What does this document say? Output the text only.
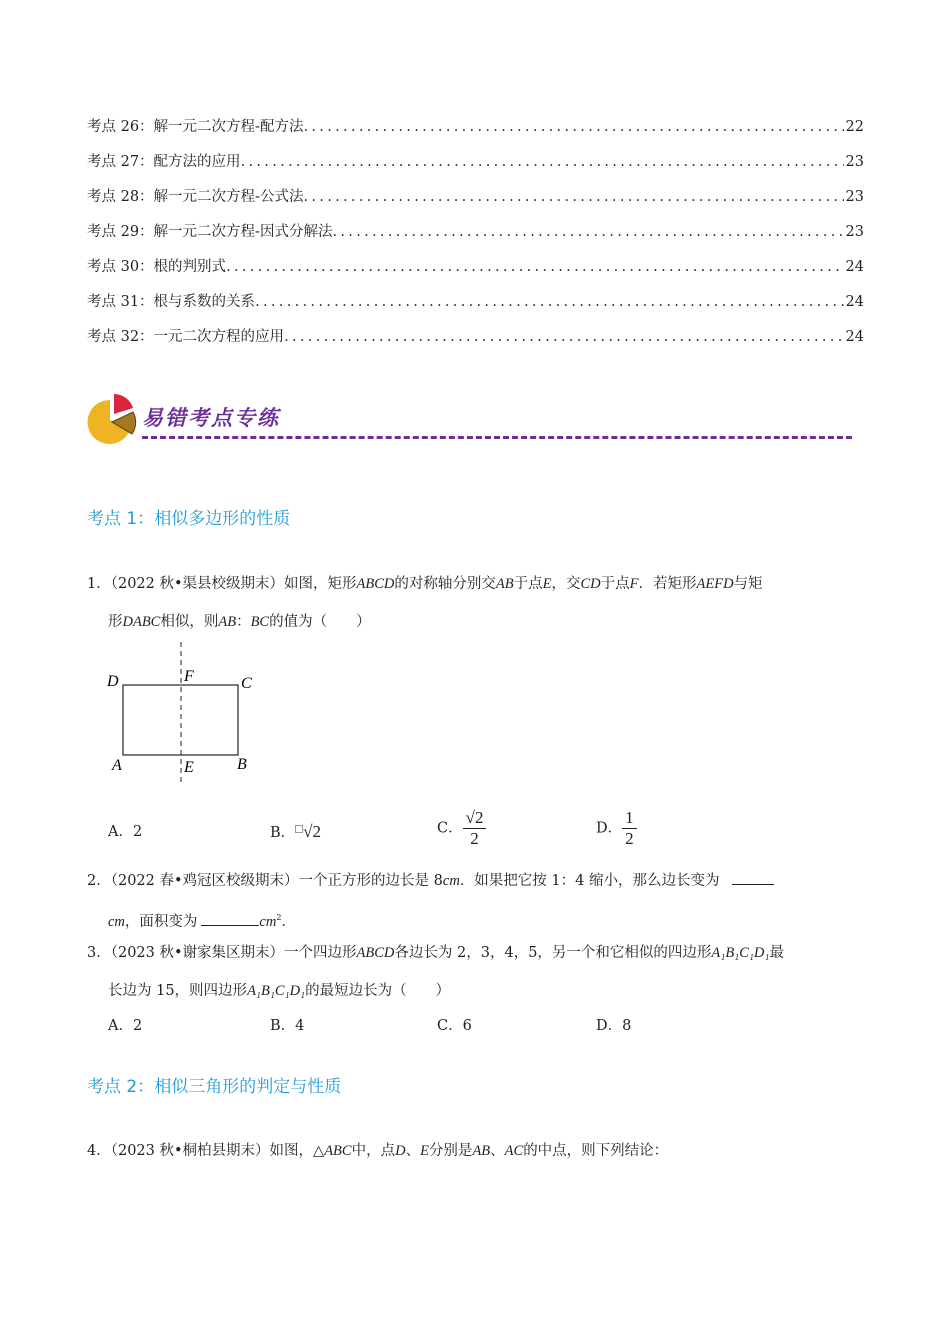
考点 26：解一元二次方程-配方法 .....	22
考点 27：配方法的应用 .....	23
考点 28：解一元二次方程-公式法 .....	23
考点 29：解一元二次方程-因式分解法 .....	23
考点 30：根的判别式 .....	24
考点 31：根与系数的关系 .....	24
考点 32：一元二次方程的应用 .....	24
易错考点专练
考点 1：相似多边形的性质
1．（2022 秋•渠县校级期末）如图，矩形ABCD的对称轴分别交AB于点E，交CD于点F．若矩形AEFD与矩
形DABC相似，则AB：BC的值为（　　）
D	F	C
A	E	B
A．2	B． √2	C． $\frac{√2}{2}$	D． $\frac{1}{2}$
2．（2022 春•鸡冠区校级期末）一个正方形的边长是 8cm．如果把它按 1：4 缩小，那么边长变为
cm，面积变为	$cm^2$．
3．（2023 秋•谢家集区期末）一个四边形ABCD各边长为 2，3，4，5，另一个和它相似的四边形A₁B₁C₁D₁最
长边为 15，则四边形A₁B₁C₁D₁的最短边长为（　　）
A．2	B．4	C．6	D．8
考点 2：相似三角形的判定与性质
4．（2023 秋•桐柏县期末）如图，△ABC中，点D、E分别是AB、AC的中点，则下列结论：
